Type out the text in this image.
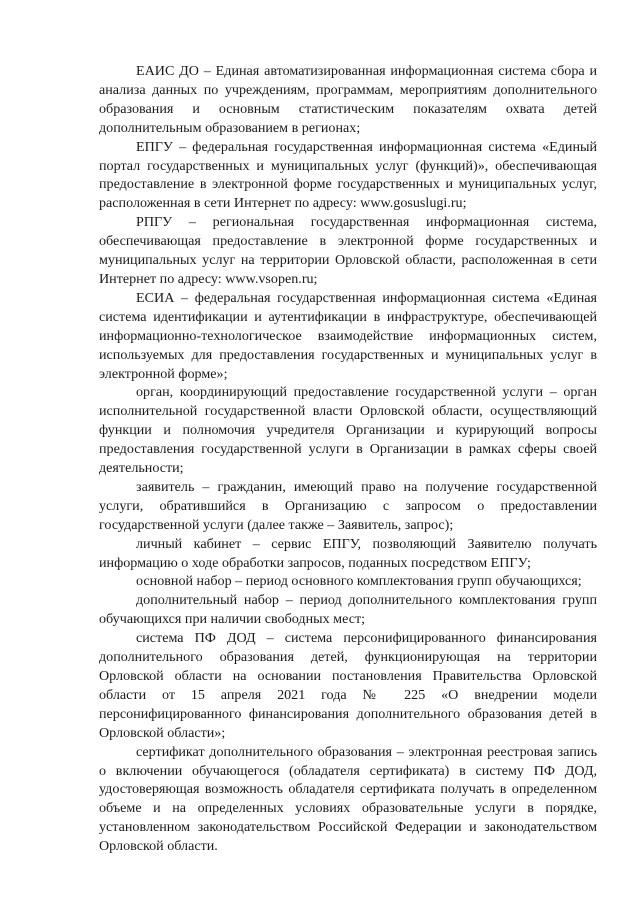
ЕАИС ДО – Единая автоматизированная информационная система сбора и анализа данных по учреждениям, программам, мероприятиям дополнительного образования и основным статистическим показателям охвата детей дополнительным образованием в регионах;

ЕПГУ – федеральная государственная информационная система «Единый портал государственных и муниципальных услуг (функций)», обеспечивающая предоставление в электронной форме государственных и муниципальных услуг, расположенная в сети Интернет по адресу: www.gosuslugi.ru;

РПГУ – региональная государственная информационная система, обеспечивающая предоставление в электронной форме государственных и муниципальных услуг на территории Орловской области, расположенная в сети Интернет по адресу: www.vsopen.ru;

ЕСИА – федеральная государственная информационная система «Единая система идентификации и аутентификации в инфраструктуре, обеспечивающей информационно-технологическое взаимодействие информационных систем, используемых для предоставления государственных и муниципальных услуг в электронной форме»;

орган, координирующий предоставление государственной услуги – орган исполнительной государственной власти Орловской области, осуществляющий функции и полномочия учредителя Организации и курирующий вопросы предоставления государственной услуги в Организации в рамках сферы своей деятельности;

заявитель – гражданин, имеющий право на получение государственной услуги, обратившийся в Организацию с запросом о предоставлении государственной услуги (далее также – Заявитель, запрос);

личный кабинет – сервис ЕПГУ, позволяющий Заявителю получать информацию о ходе обработки запросов, поданных посредством ЕПГУ;

основной набор – период основного комплектования групп обучающихся;

дополнительный набор – период дополнительного комплектования групп обучающихся при наличии свободных мест;

система ПФ ДОД – система персонифицированного финансирования дополнительного образования детей, функционирующая на территории Орловской области на основании постановления Правительства Орловской области от 15 апреля 2021 года № 225 «О внедрении модели персонифицированного финансирования дополнительного образования детей в Орловской области»;

сертификат дополнительного образования – электронная реестровая запись о включении обучающегося (обладателя сертификата) в систему ПФ ДОД, удостоверяющая возможность обладателя сертификата получать в определенном объеме и на определенных условиях образовательные услуги в порядке, установленном законодательством Российской Федерации и законодательством Орловской области.
